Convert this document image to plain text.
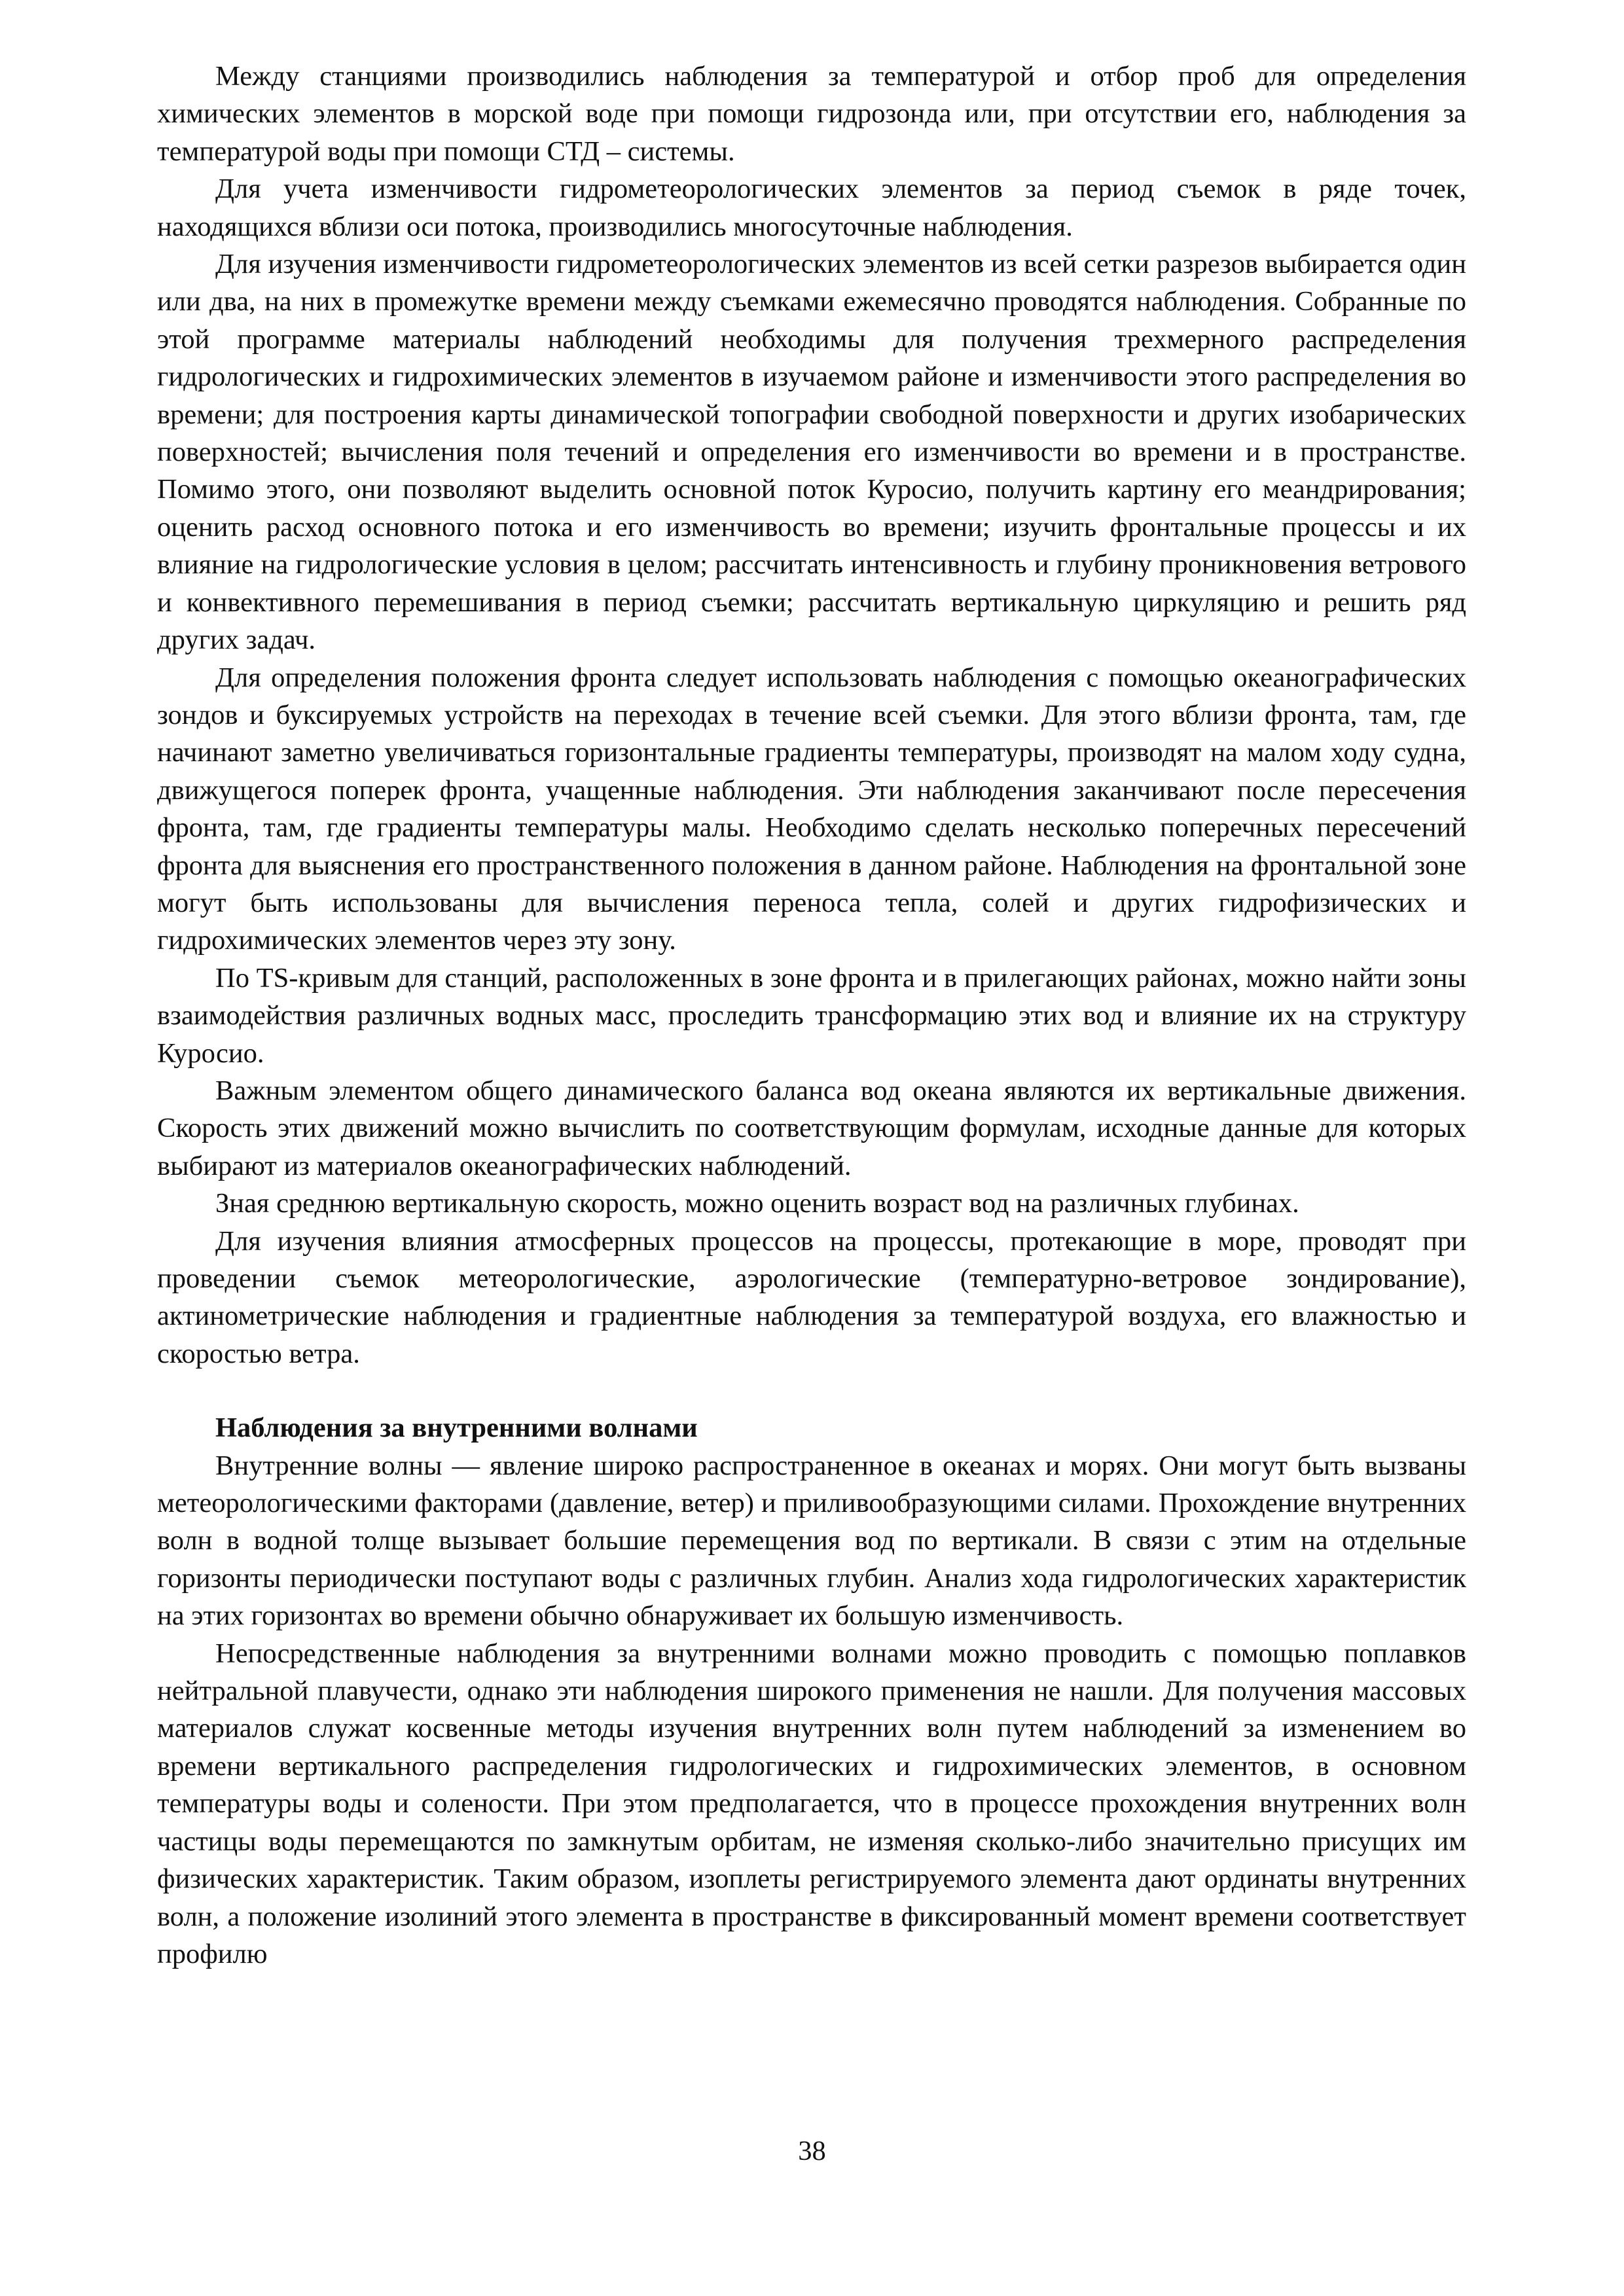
Между станциями производились наблюдения за температурой и отбор проб для определения химических элементов в морской воде при помощи гидрозонда или, при отсутствии его, наблюдения за температурой воды при помощи СТД – системы.

Для учета изменчивости гидрометеорологических элементов за период съемок в ряде точек, находящихся вблизи оси потока, производились многосуточные наблюдения.

Для изучения изменчивости гидрометеорологических элементов из всей сетки разрезов выбирается один или два, на них в промежутке времени между съемками ежемесячно проводятся наблюдения. Собранные по этой программе материалы наблюдений необходимы для получения трехмерного распределения гидрологических и гидрохимических элементов в изучаемом районе и изменчивости этого распределения во времени; для построения карты динамической топографии свободной поверхности и других изобарических поверхностей; вычисления поля течений и определения его изменчивости во времени и в пространстве. Помимо этого, они позволяют выделить основной поток Куросио, получить картину его меандрирования; оценить расход основного потока и его изменчивость во времени; изучить фронтальные процессы и их влияние на гидрологические условия в целом; рассчитать интенсивность и глубину проникновения ветрового и конвективного перемешивания в период съемки; рассчитать вертикальную циркуляцию и решить ряд других задач.

Для определения положения фронта следует использовать наблюдения с помощью океанографических зондов и буксируемых устройств на переходах в течение всей съемки. Для этого вблизи фронта, там, где начинают заметно увеличиваться горизонтальные градиенты температуры, производят на малом ходу судна, движущегося поперек фронта, учащенные наблюдения. Эти наблюдения заканчивают после пересечения фронта, там, где градиенты температуры малы. Необходимо сделать несколько поперечных пересечений фронта для выяснения его пространственного положения в данном районе. Наблюдения на фронтальной зоне могут быть использованы для вычисления переноса тепла, солей и других гидрофизических и гидрохимических элементов через эту зону.

По TS-кривым для станций, расположенных в зоне фронта и в прилегающих районах, можно найти зоны взаимодействия различных водных масс, проследить трансформацию этих вод и влияние их на структуру Куросио.

Важным элементом общего динамического баланса вод океана являются их вертикальные движения. Скорость этих движений можно вычислить по соответствующим формулам, исходные данные для которых выбирают из материалов океанографических наблюдений.

Зная среднюю вертикальную скорость, можно оценить возраст вод на различных глубинах.

Для изучения влияния атмосферных процессов на процессы, протекающие в море, проводят при проведении съемок метеорологические, аэрологические (температурно-ветровое зондирование), актинометрические наблюдения и градиентные наблюдения за температурой воздуха, его влажностью и скоростью ветра.

Наблюдения за внутренними волнами

Внутренние волны — явление широко распространенное в океанах и морях. Они могут быть вызваны метеорологическими факторами (давление, ветер) и приливообразующими силами. Прохождение внутренних волн в водной толще вызывает большие перемещения вод по вертикали. В связи с этим на отдельные горизонты периодически поступают воды с различных глубин. Анализ хода гидрологических характеристик на этих горизонтах во времени обычно обнаруживает их большую изменчивость.

Непосредственные наблюдения за внутренними волнами можно проводить с помощью поплавков нейтральной плавучести, однако эти наблюдения широкого применения не нашли. Для получения массовых материалов служат косвенные методы изучения внутренних волн путем наблюдений за изменением во времени вертикального распределения гидрологических и гидрохимических элементов, в основном температуры воды и солености. При этом предполагается, что в процессе прохождения внутренних волн частицы воды перемещаются по замкнутым орбитам, не изменяя сколько-либо значительно присущих им физических характеристик. Таким образом, изоплеты регистрируемого элемента дают ординаты внутренних волн, а положение изолиний этого элемента в пространстве в фиксированный момент времени соответствует профилю

38
